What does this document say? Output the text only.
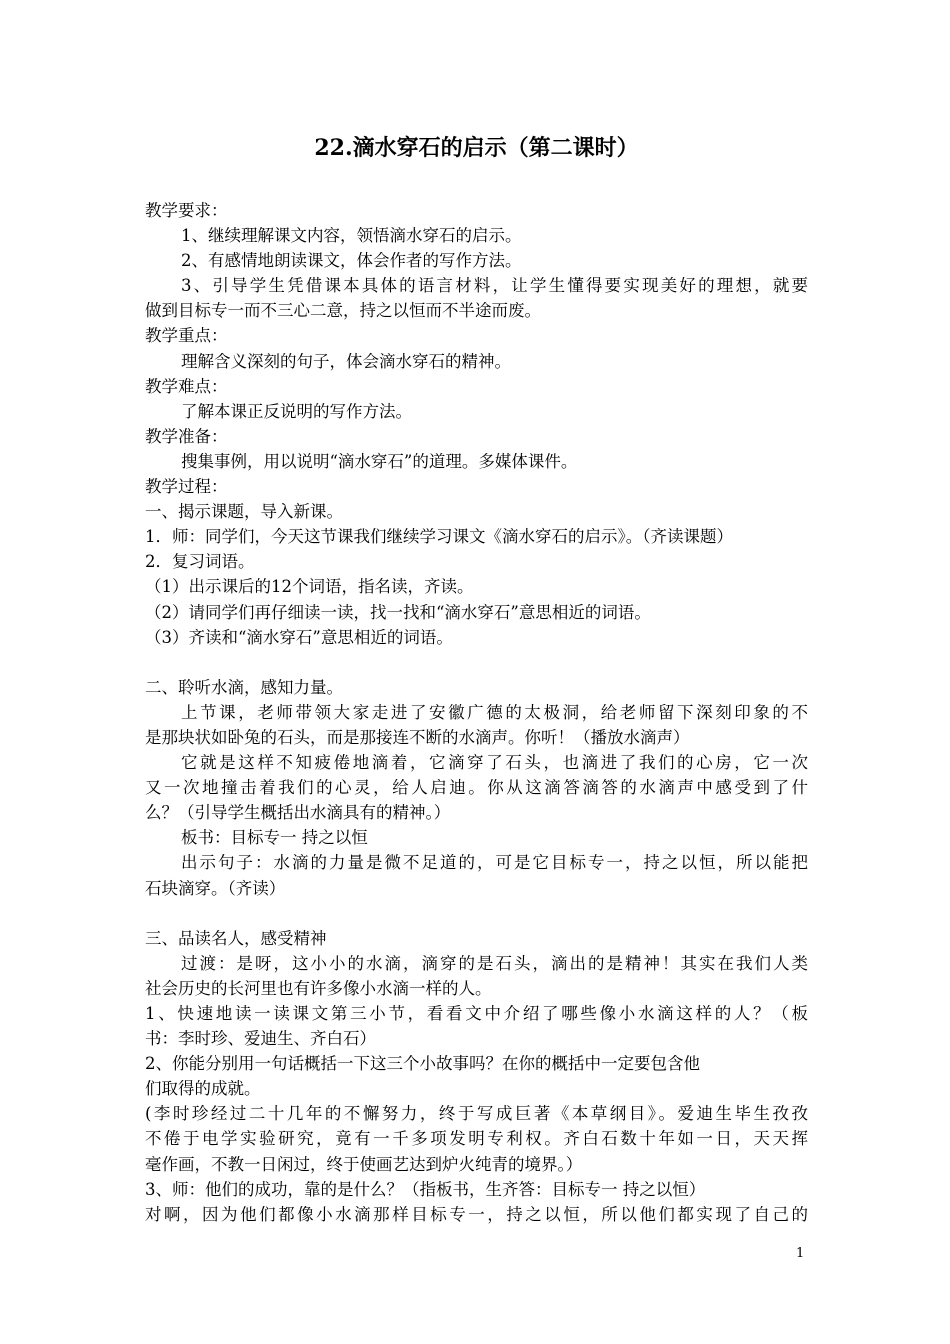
22.滴水穿石的启示（第二课时）
教学要求：
1、继续理解课文内容，领悟滴水穿石的启示。
2、有感情地朗读课文，体会作者的写作方法。
3、引导学生凭借课本具体的语言材料，让学生懂得要实现美好的理想，就要
做到目标专一而不三心二意，持之以恒而不半途而废。
教学重点：
理解含义深刻的句子，体会滴水穿石的精神。
教学难点：
了解本课正反说明的写作方法。
教学准备：
搜集事例，用以说明“滴水穿石”的道理。多媒体课件。
教学过程：
一、揭示课题，导入新课。
1．师：同学们，今天这节课我们继续学习课文《滴水穿石的启示》。（齐读课题）
2．复习词语。
（1）出示课后的12个词语，指名读，齐读。
（2）请同学们再仔细读一读，找一找和“滴水穿石”意思相近的词语。
（3）齐读和“滴水穿石”意思相近的词语。
二、聆听水滴，感知力量。
上节课，老师带领大家走进了安徽广德的太极洞，给老师留下深刻印象的不
是那块状如卧兔的石头，而是那接连不断的水滴声。你听！（播放水滴声）
它就是这样不知疲倦地滴着，它滴穿了石头，也滴进了我们的心房，它一次
又一次地撞击着我们的心灵，给人启迪。你从这滴答滴答的水滴声中感受到了什
么？（引导学生概括出水滴具有的精神。）
板书：目标专一 持之以恒
出示句子：水滴的力量是微不足道的，可是它目标专一，持之以恒，所以能把
石块滴穿。（齐读）
三、品读名人，感受精神
过渡：是呀，这小小的水滴，滴穿的是石头，滴出的是精神！其实在我们人类
社会历史的长河里也有许多像小水滴一样的人。
1、快速地读一读课文第三小节，看看文中介绍了哪些像小水滴这样的人？（板
书：李时珍、爱迪生、齐白石）
2、你能分别用一句话概括一下这三个小故事吗？在你的概括中一定要包含他
们取得的成就。
(李时珍经过二十几年的不懈努力，终于写成巨著《本草纲目》。爱迪生毕生孜孜
不倦于电学实验研究，竟有一千多项发明专利权。齐白石数十年如一日，天天挥
毫作画，不教一日闲过，终于使画艺达到炉火纯青的境界。）
3、师：他们的成功，靠的是什么？（指板书，生齐答：目标专一 持之以恒）
对啊，因为他们都像小水滴那样目标专一，持之以恒，所以他们都实现了自己的
1
